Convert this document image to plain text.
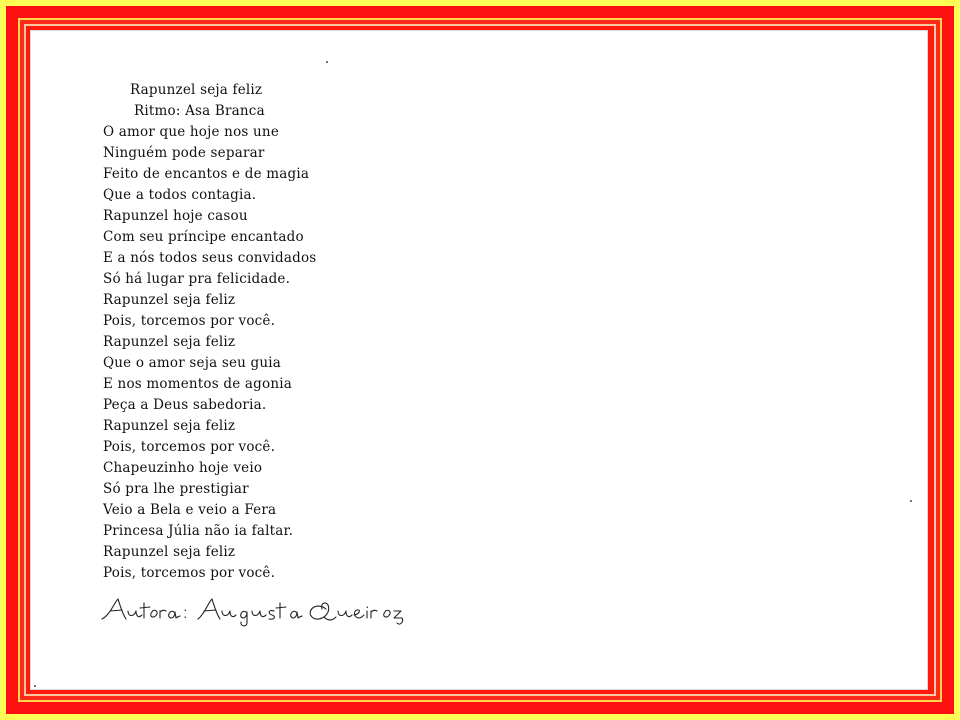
Rapunzel seja feliz
Ritmo: Asa Branca
O amor que hoje nos une
Ninguém pode separar
Feito de encantos e de magia
Que a todos contagia.
Rapunzel hoje casou
Com seu príncipe encantado
E a nós todos seus convidados
Só há lugar pra felicidade.
Rapunzel seja feliz
Pois, torcemos por você.
Rapunzel seja feliz
Que o amor seja seu guia
E nos momentos de agonia
Peça a Deus sabedoria.
Rapunzel seja feliz
Pois, torcemos por você.
Chapeuzinho hoje veio
Só pra lhe prestigiar
Veio a Bela e veio a Fera
Princesa Júlia não ia faltar.
Rapunzel seja feliz
Pois, torcemos por você.
